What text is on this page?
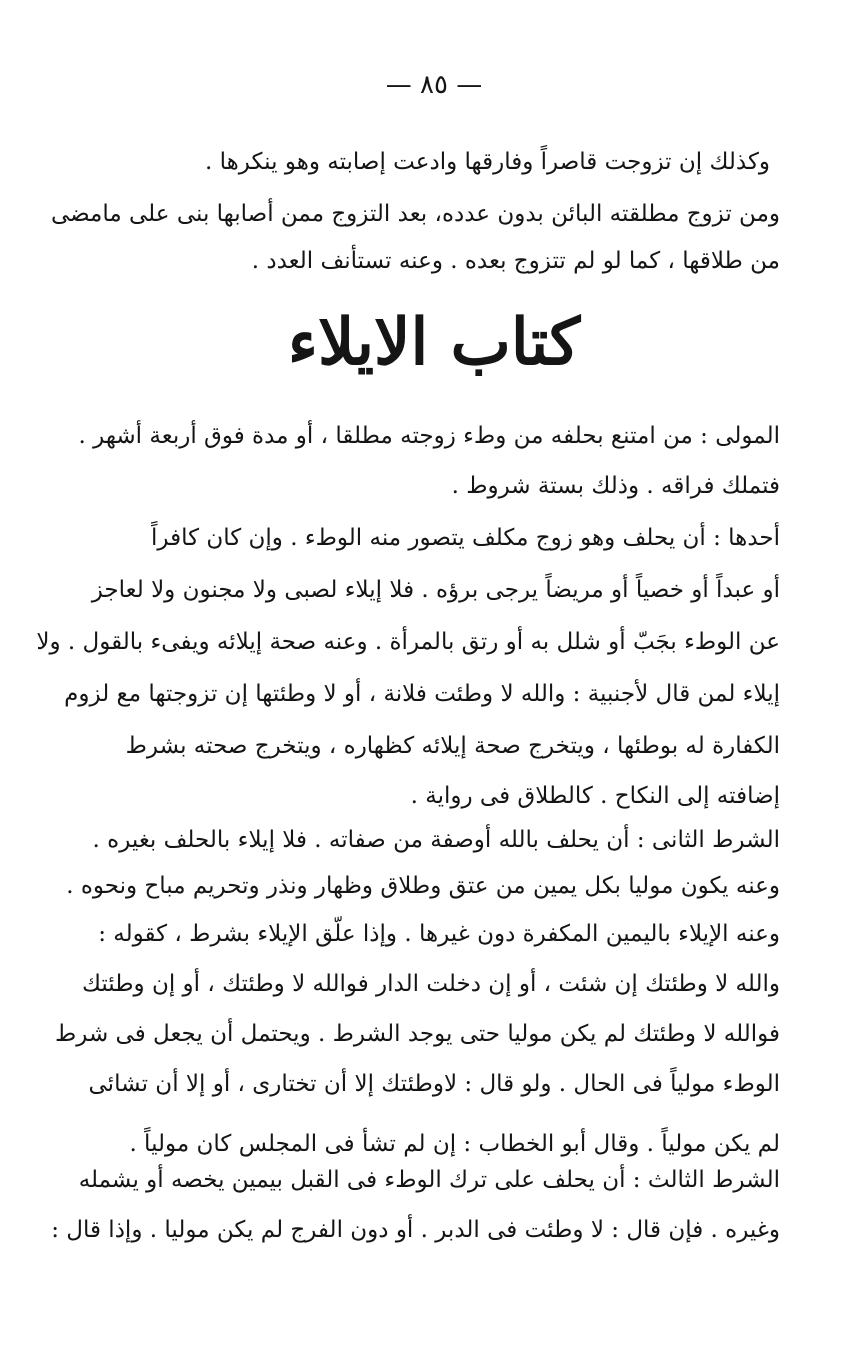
— ٨٥ —
وكذلك إن تزوجت قاصراً وفارقها وادعت إصابته وهو ينكرها .
ومن تزوج مطلقته البائن بدون عدده، بعد التزوج ممن أصابها بنى على مامضى
من طلاقها ، كما لو لم تتزوج بعده . وعنه تستأنف العدد .
كتاب الايلاء
المولى : من امتنع بحلفه من وطء زوجته مطلقا ، أو مدة فوق أربعة أشهر .
فتملك فراقه . وذلك بستة شروط .
أحدها : أن يحلف وهو زوج مكلف يتصور منه الوطء . وإن كان كافراً
أو عبداً أو خصياً أو مريضاً يرجى برؤه . فلا إيلاء لصبى ولا مجنون ولا لعاجز
عن الوطء بجَبّ أو شلل به أو رتق بالمرأة . وعنه صحة إيلائه ويفىء بالقول . ولا
إيلاء لمن قال لأجنبية : والله لا وطئت فلانة ، أو لا وطئتها إن تزوجتها مع لزوم
الكفارة له بوطئها ، ويتخرج صحة إيلائه كظهاره ، ويتخرج صحته بشرط
إضافته إلى النكاح . كالطلاق فى رواية .
الشرط الثانى : أن يحلف بالله أوصفة من صفاته . فلا إيلاء بالحلف بغيره .
وعنه يكون موليا بكل يمين من عتق وطلاق وظهار ونذر وتحريم مباح ونحوه .
وعنه الإيلاء باليمين المكفرة دون غيرها . وإذا علّق الإيلاء بشرط ، كقوله :
والله لا وطئتك إن شئت ، أو إن دخلت الدار فوالله لا وطئتك ، أو إن وطئتك
فوالله لا وطئتك لم يكن موليا حتى يوجد الشرط . ويحتمل أن يجعل فى شرط
الوطء مولياً فى الحال . ولو قال : لاوطئتك إلا أن تختارى ، أو إلا أن تشائى
لم يكن مولياً . وقال أبو الخطاب : إن لم تشأ فى المجلس كان مولياً .
الشرط الثالث : أن يحلف على ترك الوطء فى القبل بيمين يخصه أو يشمله
وغيره . فإن قال : لا وطئت فى الدبر . أو دون الفرج لم يكن موليا . وإذا قال :
